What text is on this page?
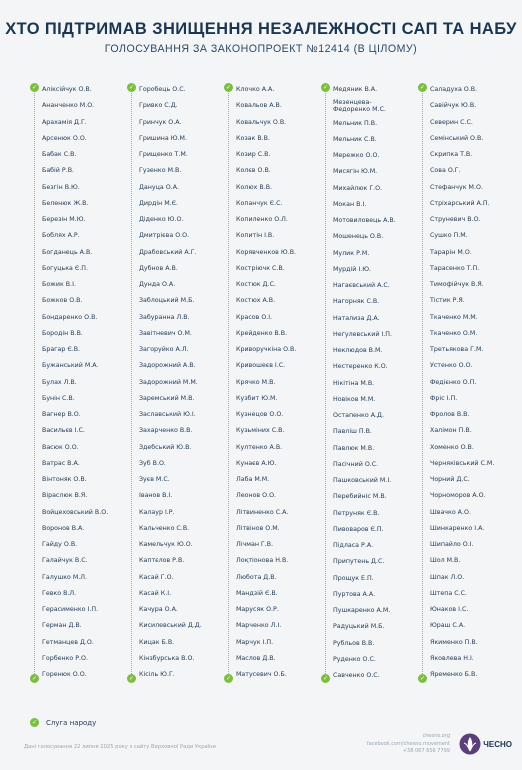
ХТО ПІДТРИМАВ ЗНИЩЕННЯ НЕЗАЛЕЖНОСТІ САП ТА НАБУ
ГОЛОСУВАННЯ ЗА ЗАКОНОПРОЕКТ №12414 (В ЦІЛОМУ)
✓
✓
Аліксійчук О.В.
Ананченко М.О.
Арахамія Д.Г.
Арсенюк О.О.
Бабак С.В.
Бабій Р.В.
Безгін В.Ю.
Беленюк Ж.В.
Березін М.Ю.
Боблях А.Р.
Богданець А.В.
Богуцька Є.П.
Божик В.І.
Божков О.В.
Бондаренко О.В.
Бородін В.В.
Брагар Є.В.
Бужанський М.А.
Булах Л.В.
Бунін С.В.
Вагнер В.О.
Васильєв І.С.
Васюк О.О.
Ватрас В.А.
Вінтоняк О.В.
Віраслюк В.Я.
Войцеховський В.О.
Воронов В.А.
Гайду О.В.
Галайчук В.С.
Галушко М.Л.
Гевко В.Л.
Герасименко І.П.
Герман Д.В.
Гетманцев Д.О.
Горбенко Р.О.
Горенюк О.О.
✓
✓
Горобець О.С.
Гривко С.Д.
Гринчук О.А.
Гришина Ю.М.
Грищенко Т.М.
Гузенко М.В.
Дануца О.А.
Дирдін М.Є.
Діденко Ю.О.
Дмитрієва О.О.
Драбовський А.Г.
Дубнов А.В.
Дунда О.А.
Заблоцький М.Б.
Забуранна Л.В.
Завітневич О.М.
Загоруйко А.Л.
Задорожний А.В.
Задорожний М.М.
Заремський М.В.
Заславський Ю.І.
Захарченко В.В.
Здебський Ю.В.
Зуб В.О.
Зуєв М.С.
Іванов В.І.
Калаур І.Р.
Кальченко С.В.
Камельчук Ю.О.
Каптєлов Р.В.
Касай Г.О.
Касай К.І.
Качура О.А.
Кисилевський Д.Д.
Кицак Б.В.
Кінзбурська В.О.
Кісіль Ю.Г.
✓
✓
Клочко А.А.
Ковальов А.В.
Ковальчук О.В.
Козак В.В.
Козир С.В.
Колєв О.В.
Колюх В.В.
Копанчук Є.С.
Копиленко О.Л.
Копитін І.В.
Корявченков Ю.В.
Костріючк С.В.
Костюк Д.С.
Костюх А.В.
Красов О.І.
Крейденко В.В.
Криворучкіна О.В.
Кривошеєв І.С.
Крячко М.В.
Кузбит Ю.М.
Кузнецов О.О.
Кузьміних С.В.
Култенко А.В.
Кунаєв А.Ю.
Лаба М.М.
Леонов О.О.
Літвиненко С.А.
Літвінов О.М.
Лічман Г.В.
Лоқтіонова Н.В.
Любота Д.В.
Мандзій Є.В.
Марусяк О.Р.
Марченко Л.І.
Марчук І.П.
Маслов Д.В.
Матусевич О.Б.
✓
✓
Медяник В.А.
Мезенцева-
Федоренко М.С.
Мельник П.В.
Мельник С.В.
Мережко О.О.
Мисягін Ю.М.
Михайлюк Г.О.
Мокан В.І.
Мотовиловець А.В.
Мошенець О.В.
Мулик Р.М.
Мурдій І.Ю.
Нагаєвський А.С.
Нагорняк С.В.
Натализа Д.А.
Негулевський І.П.
Неклюдов В.М.
Нестеренко К.О.
Нікітіна М.В.
Новіков М.М.
Остапенко А.Д.
Павліш П.В.
Павлюк М.В.
Пасічний О.С.
Пашковський М.І.
Перебийніс М.В.
Петруняк Є.В.
Пивоваров Є.П.
Підласа Р.А.
Припутень Д.С.
Прощук Е.П.
Пуртова А.А.
Пушкаренко А.М.
Радуцький М.Б.
Рубльов В.В.
Руденко О.С.
Савченко О.С.
✓
✓
Саладуха О.В.
Савійчук Ю.В.
Северин С.С.
Семінський О.В.
Скрипка Т.В.
Сова О.Г.
Стефанчук М.О.
Стріхарський А.П.
Струневич В.О.
Сушко П.М.
Тарарін М.О.
Тарасенко Т.П.
Тимофійчук В.Я.
Тістик Р.Я.
Ткаченко М.М.
Ткаченко О.М.
Третьякова Г.М.
Устенко О.О.
Федієнко О.П.
Фріс І.П.
Фролов В.В.
Халімон П.В.
Хоменко О.В.
Черняківський С.М.
Чорний Д.С.
Чорноморов А.О.
Швачко А.О.
Шинкаренко І.А.
Шипайло О.І.
Шол М.В.
Шпак Л.О.
Штепа С.С.
Юнаков І.С.
Юраш С.А.
Якименко П.В.
Яковлева Н.І.
Яременко Б.В.
✓ Слуга народу
Дані голосування 22 липня 2025 року з сайту Верховної Ради України
chesno.org
facebook.com/chesno.movement
+38 067 656 7799
ЧЕСНО
